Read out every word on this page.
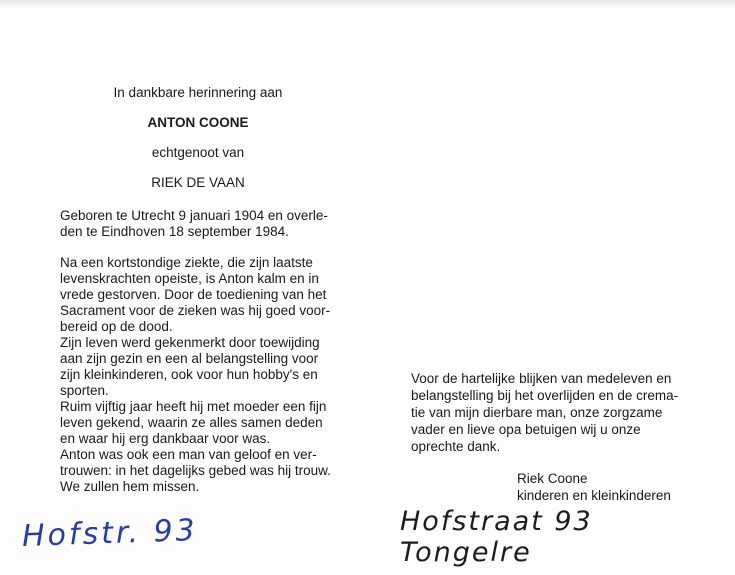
In dankbare herinnering aan

ANTON COONE

echtgenoot van

RIEK DE VAAN

Geboren te Utrecht 9 januari 1904 en overle-
den te Eindhoven 18 september 1984.

Na een kortstondige ziekte, die zijn laatste
levenskrachten opeiste, is Anton kalm en in
vrede gestorven. Door de toediening van het
Sacrament voor de zieken was hij goed voor-
bereid op de dood.
Zijn leven werd gekenmerkt door toewijding
aan zijn gezin en een al belangstelling voor
zijn kleinkinderen, ook voor hun hobby's en
sporten.
Ruim vijftig jaar heeft hij met moeder een fijn
leven gekend, waarin ze alles samen deden
en waar hij erg dankbaar voor was.
Anton was ook een man van geloof en ver-
trouwen: in het dagelijks gebed was hij trouw.
We zullen hem missen.

Voor de hartelijke blijken van medeleven en
belangstelling bij het overlijden en de crema-
tie van mijn dierbare man, onze zorgzame
vader en lieve opa betuigen wij u onze
oprechte dank.

Riek Coone
kinderen en kleinkinderen

Hofstr. 93	Hofstraat 93 Tongelre
